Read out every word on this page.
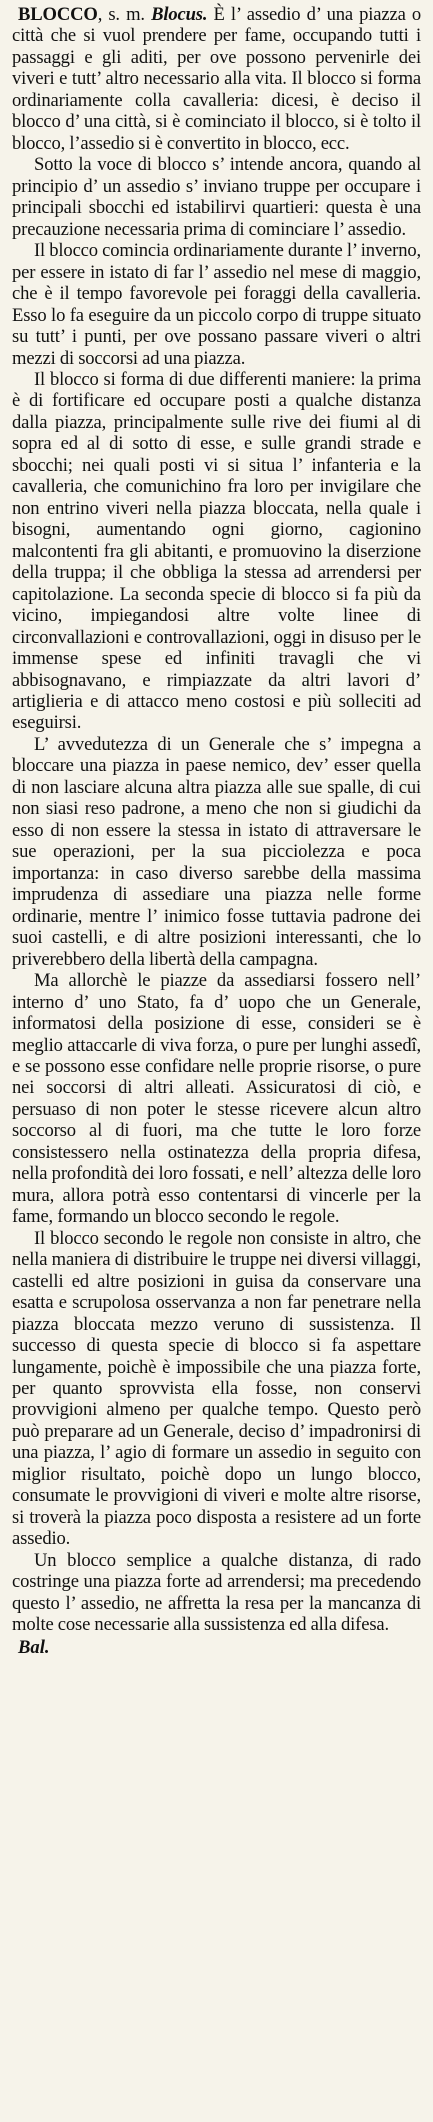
BLOCCO, s. m. Blocus. È l’ assedio d’ una piazza o città che si vuol prendere per fame, occupando tutti i passaggi e gli aditi, per ove possono pervenirle dei viveri e tutt’ altro necessario alla vita. Il blocco si forma ordinariamente colla cavalleria: dicesi, è deciso il blocco d’ una città, si è cominciato il blocco, si è tolto il blocco, l’assedio si è convertito in blocco, ecc.

Sotto la voce di blocco s’ intende ancora, quando al principio d’ un assedio s’ inviano truppe per occupare i principali sbocchi ed istabilirvi quartieri: questa è una precauzione necessaria prima di cominciare l’ assedio.

Il blocco comincia ordinariamente durante l’ inverno, per essere in istato di far l’ assedio nel mese di maggio, che è il tempo favorevole pei foraggi della cavalleria. Esso lo fa eseguire da un piccolo corpo di truppe situato su tutt’ i punti, per ove possano passare viveri o altri mezzi di soccorsi ad una piazza.

Il blocco si forma di due differenti maniere: la prima è di fortificare ed occupare posti a qualche distanza dalla piazza, principalmente sulle rive dei fiumi al di sopra ed al di sotto di esse, e sulle grandi strade e sbocchi; nei quali posti vi si situa l’ infanteria e la cavalleria, che comunichino fra loro per invigilare che non entrino viveri nella piazza bloccata, nella quale i bisogni, aumentando ogni giorno, cagionino malcontenti fra gli abitanti, e promuovino la diserzione della truppa; il che obbliga la stessa ad arrendersi per capitolazione. La seconda specie di blocco si fa più da vicino, impiegandosi altre volte linee di circonvallazioni e controvallazioni, oggi in disuso per le immense spese ed infiniti travagli che vi abbisognavano, e rimpiazzate da altri lavori d’ artiglieria e di attacco meno costosi e più solleciti ad eseguirsi.

L’ avvedutezza di un Generale che s’ impegna a bloccare una piazza in paese nemico, dev’ esser quella di non lasciare alcuna altra piazza alle sue spalle, di cui non siasi reso padrone, a meno che non si giudichi da esso di non essere la stessa in istato di attraversare le sue operazioni, per la sua picciolezza e poca importanza: in caso diverso sarebbe della massima imprudenza di assediare una piazza nelle forme ordinarie, mentre l’ inimico fosse tuttavia padrone dei suoi castelli, e di altre posizioni interessanti, che lo priverebbero della libertà della campagna.

Ma allorchè le piazze da assediarsi fossero nell’ interno d’ uno Stato, fa d’ uopo che un Generale, informatosi della posizione di esse, consideri se è meglio attaccarle di viva forza, o pure per lunghi assedî, e se possono esse confidare nelle proprie risorse, o pure nei soccorsi di altri alleati. Assicuratosi di ciò, e persuaso di non poter le stesse ricevere alcun altro soccorso al di fuori, ma che tutte le loro forze consistessero nella ostinatezza della propria difesa, nella profondità dei loro fossati, e nell’ altezza delle loro mura, allora potrà esso contentarsi di vincerle per la fame, formando un blocco secondo le regole.

Il blocco secondo le regole non consiste in altro, che nella maniera di distribuire le truppe nei diversi villaggi, castelli ed altre posizioni in guisa da conservare una esatta e scrupolosa osservanza a non far penetrare nella piazza bloccata mezzo veruno di sussistenza. Il successo di questa specie di blocco si fa aspettare lungamente, poichè è impossibile che una piazza forte, per quanto sprovvista ella fosse, non conservi provvigioni almeno per qualche tempo. Questo però può prepararе ad un Generale, deciso d’ impadronirsi di una piazza, l’ agio di formare un assedio in seguito con miglior risultato, poichè dopo un lungo blocco, consumate le provvigioni di viveri e molte altre risorse, si troverà la piazza poco disposta a resistere ad un forte assedio.

Un blocco semplice a qualche distanza, di rado costringe una piazza forte ad arrendersi; ma precedendo questo l’ assedio, ne affretta la resa per la mancanza di molte cose necessarie alla sussistenza ed alla difesa.

Bal.
